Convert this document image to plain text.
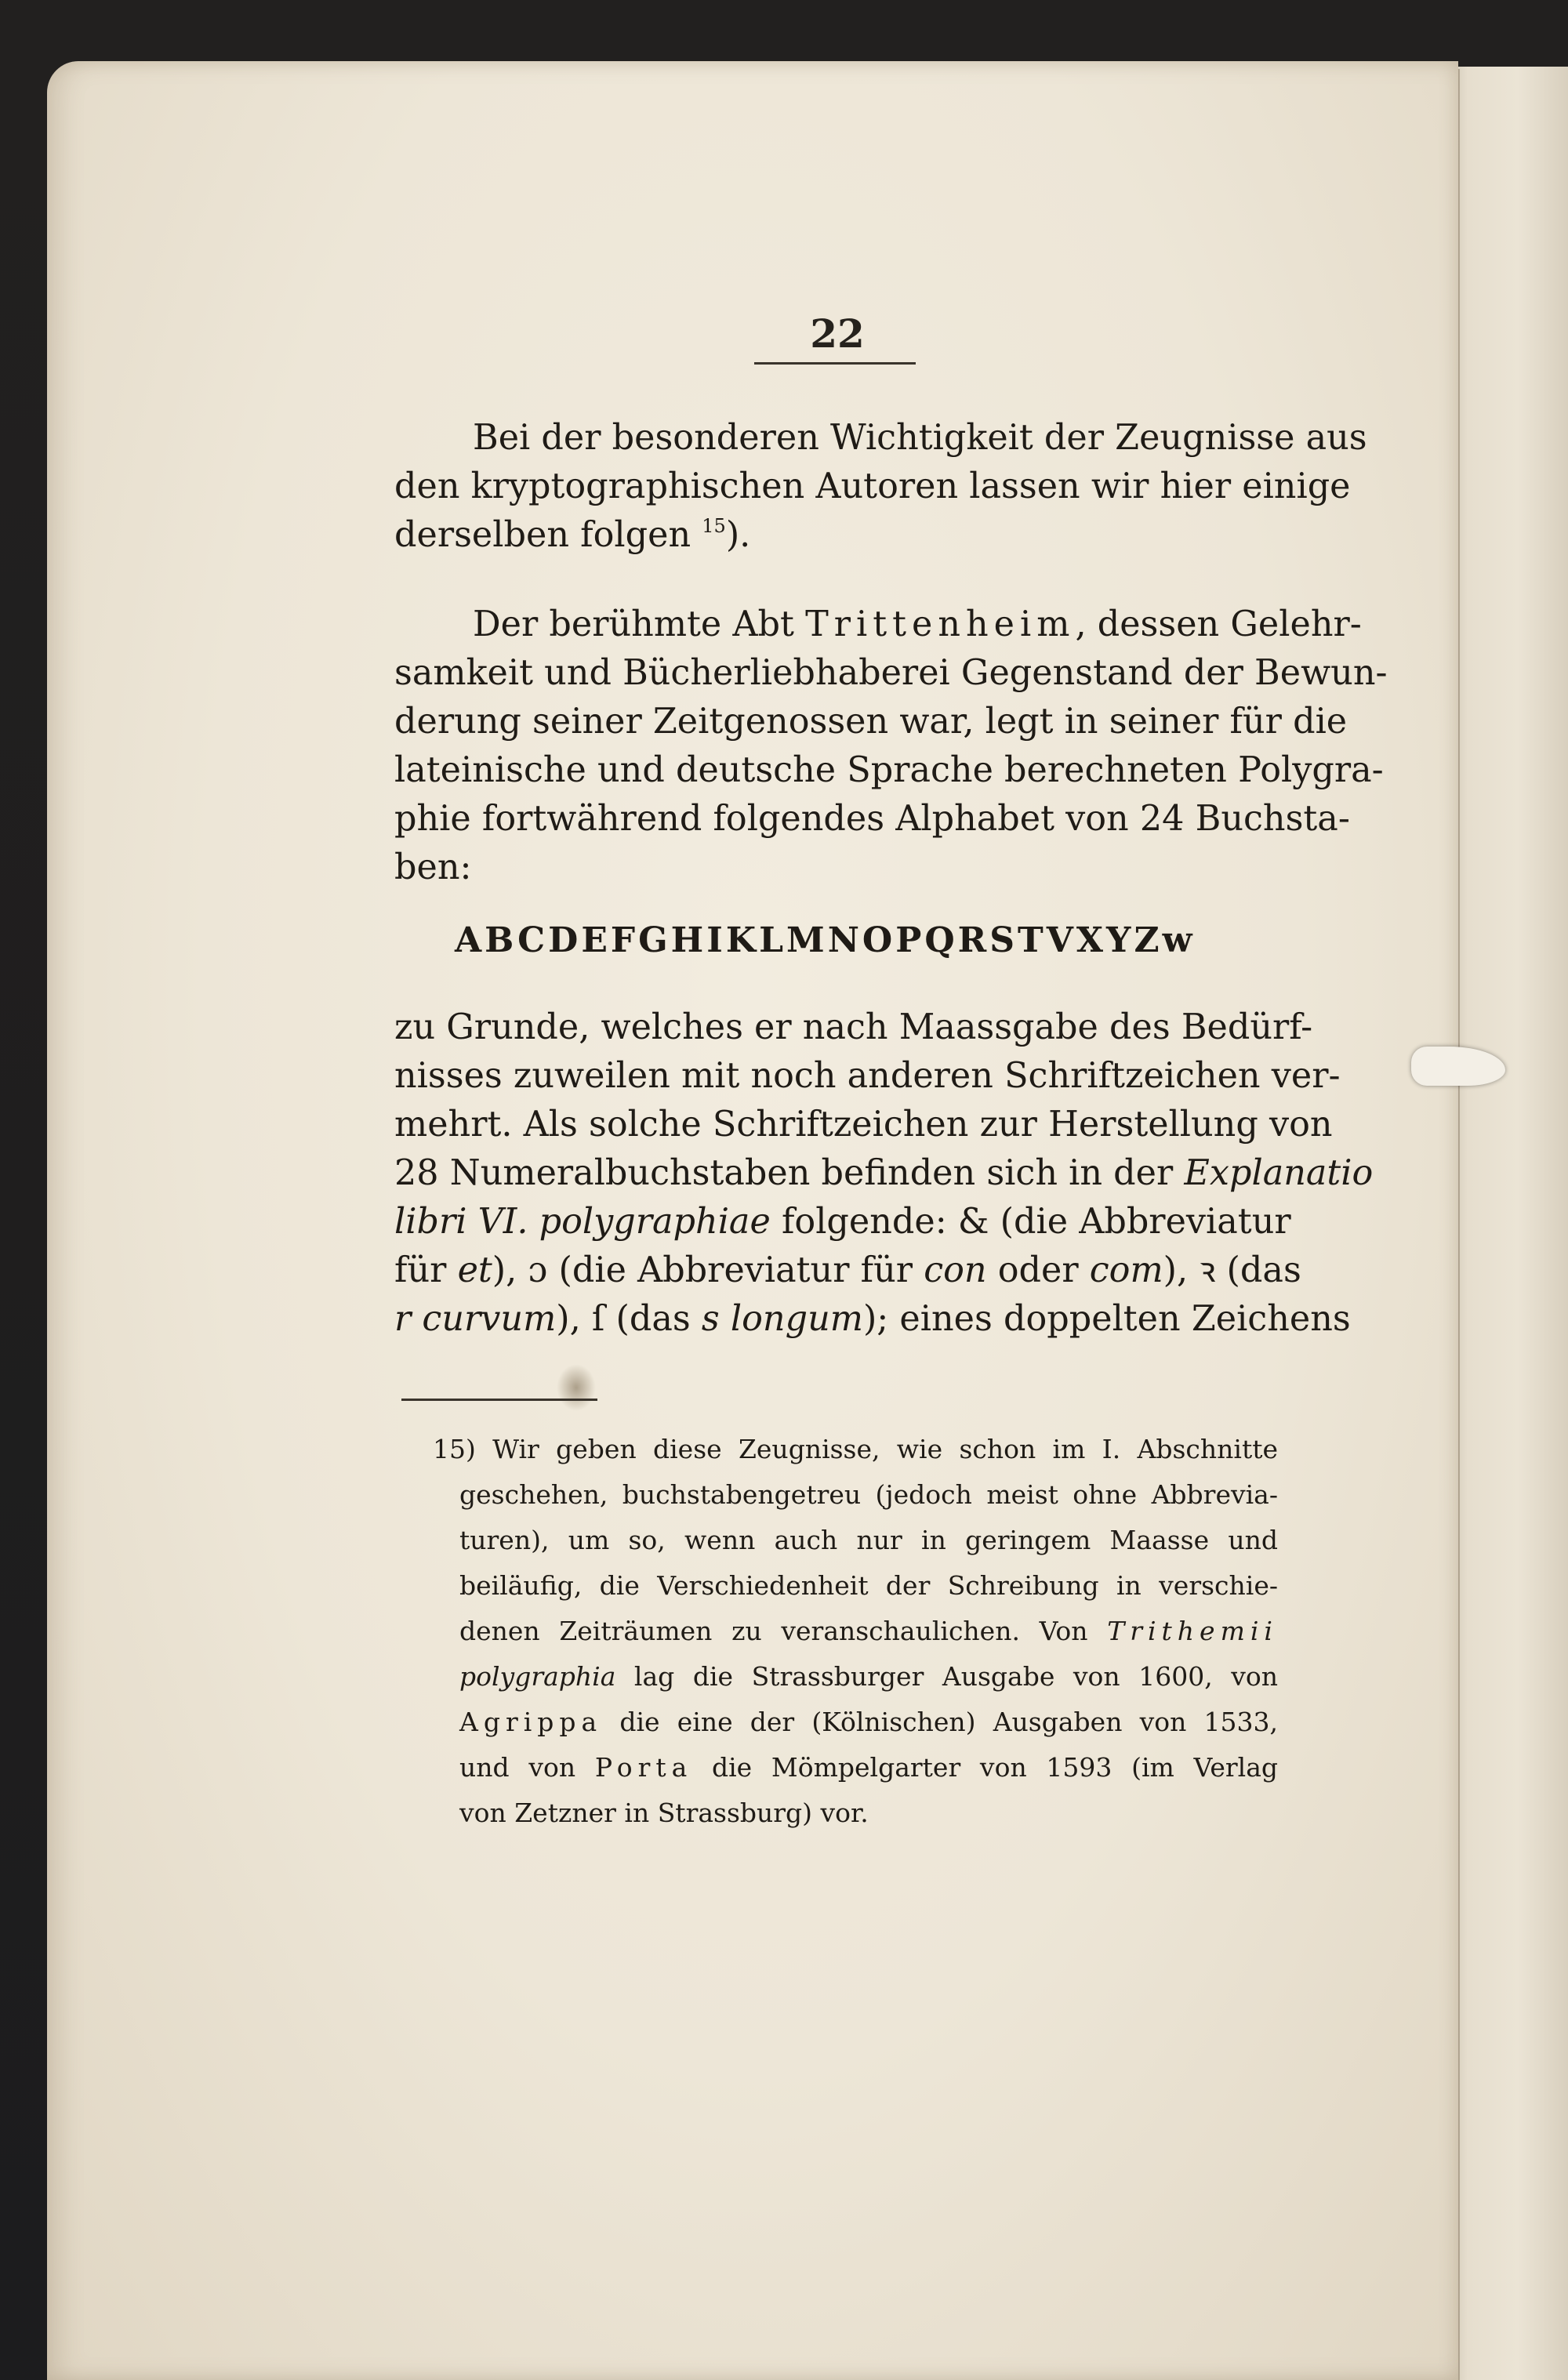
22
Bei der besonderen Wichtigkeit der Zeugnisse aus
den kryptographischen Autoren lassen wir hier einige
derselben folgen $^{15}$).
Der berühmte Abt Trittenheim, dessen Gelehr-
samkeit und Bücherliebhaberei Gegenstand der Bewun-
derung seiner Zeitgenossen war, legt in seiner für die
lateinische und deutsche Sprache berechneten Polygra-
phie fortwährend folgendes Alphabet von 24 Buchsta-
ben:
ABCDEFGHIKLMNOPQRSTVXYZw
zu Grunde, welches er nach Maassgabe des Bedürf-
nisses zuweilen mit noch anderen Schriftzeichen ver-
mehrt. Als solche Schriftzeichen zur Herstellung von
28 Numeralbuchstaben befinden sich in der Explanatio
libri VI. polygraphiae folgende: & (die Abbreviatur
für et), ɔ (die Abbreviatur für con oder com), ꝛ (das
r curvum), ſ (das s longum); eines doppelten Zeichens
15) Wir geben diese Zeugnisse, wie schon im I. Abschnitte
geschehen, buchstabengetreu (jedoch meist ohne Abbrevia-
turen), um so, wenn auch nur in geringem Maasse und
beiläufig, die Verschiedenheit der Schreibung in verschie-
denen Zeiträumen zu veranschaulichen. Von Trithemii
polygraphia lag die Strassburger Ausgabe von 1600, von
Agrippa die eine der (Kölnischen) Ausgaben von 1533,
und von Porta die Mömpelgarter von 1593 (im Verlag
von Zetzner in Strassburg) vor.
